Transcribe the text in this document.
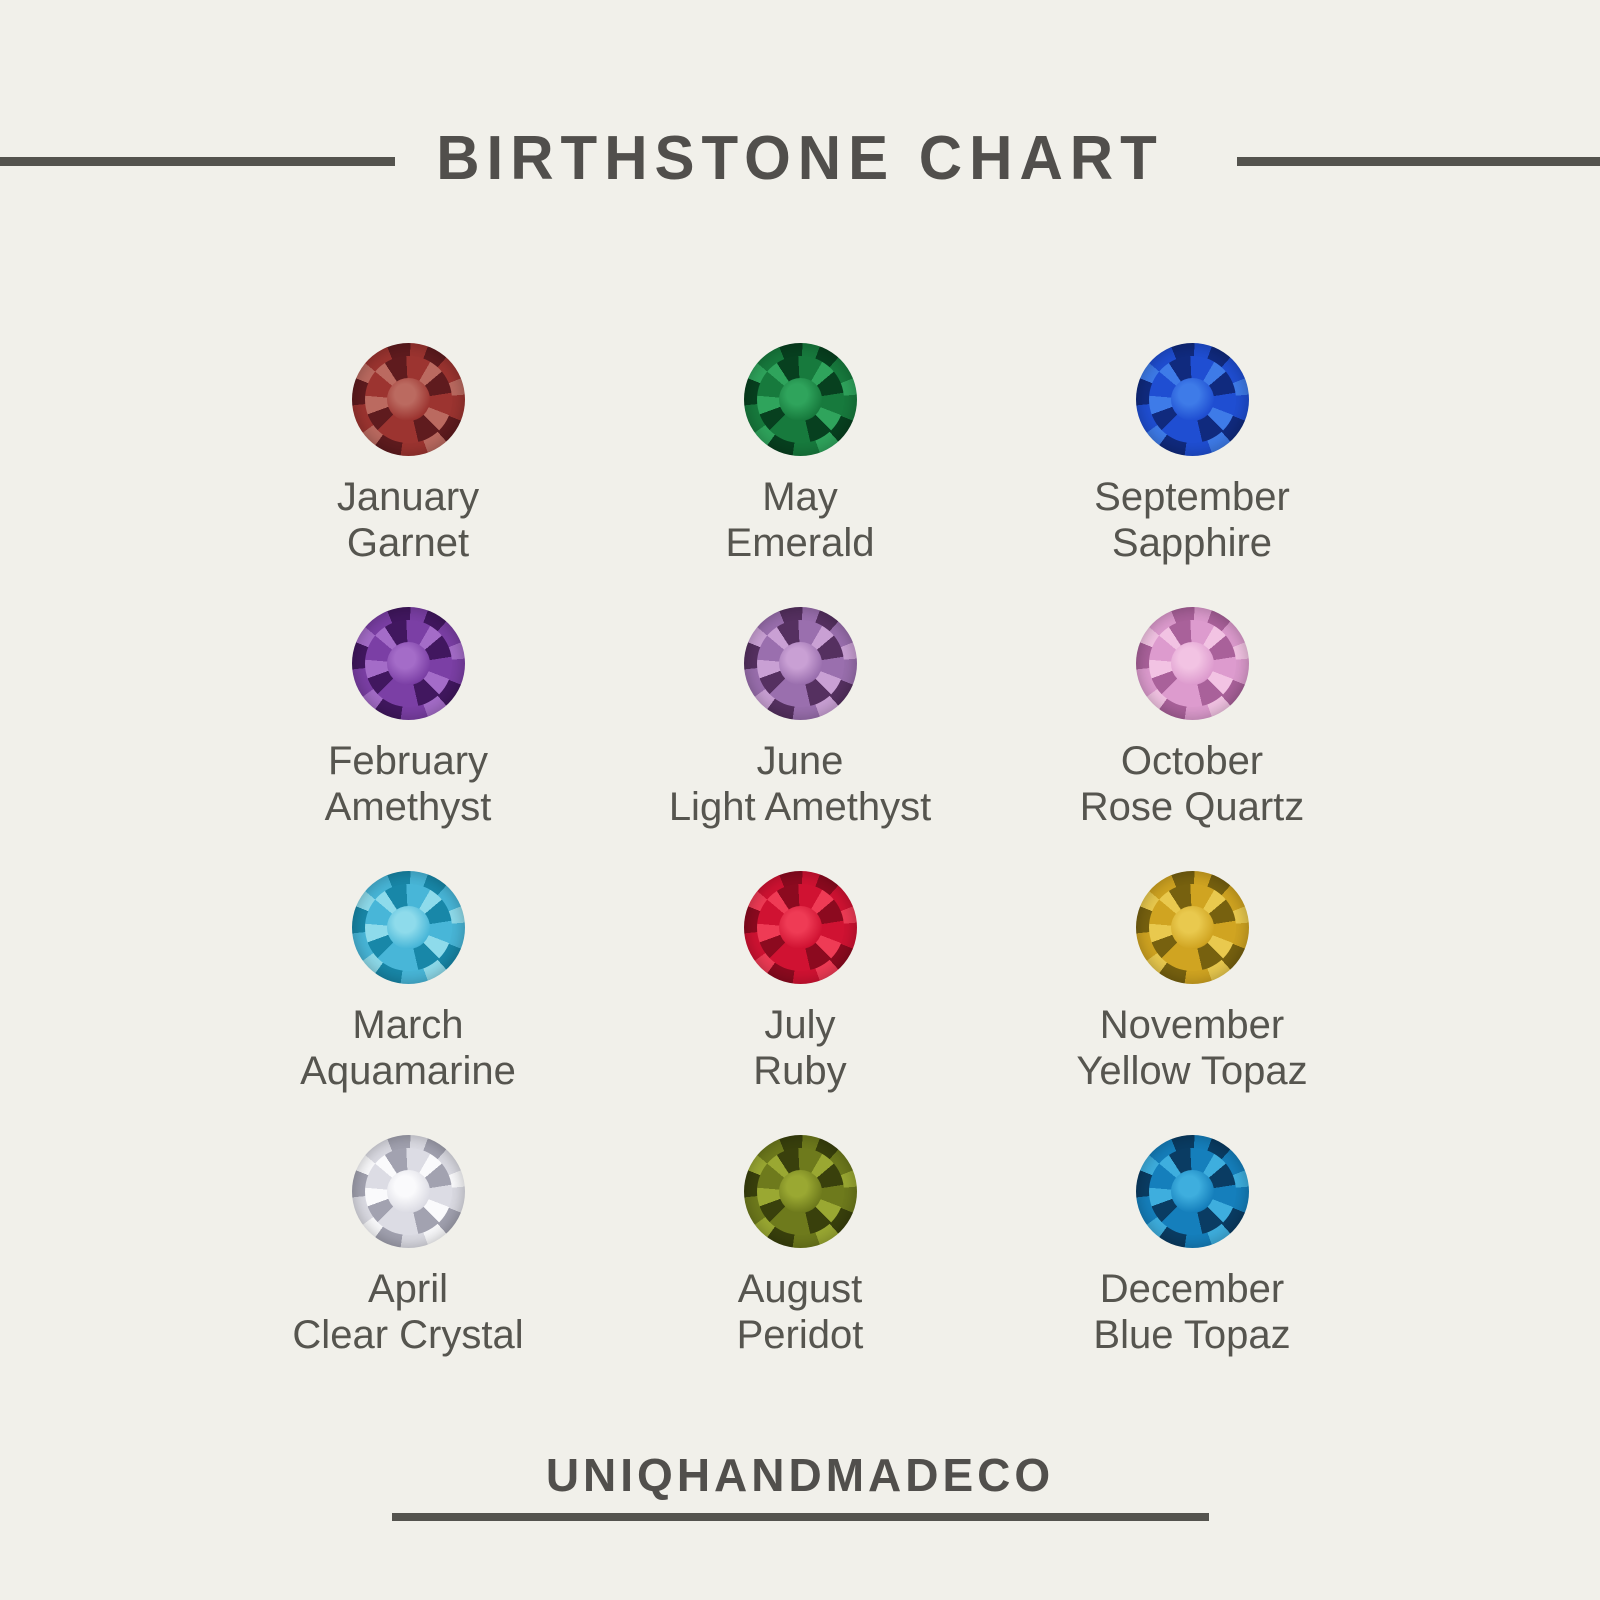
BIRTHSTONE CHART
January
Garnet
May
Emerald
September
Sapphire
February
Amethyst
June
Light Amethyst
October
Rose Quartz
March
Aquamarine
July
Ruby
November
Yellow Topaz
April
Clear Crystal
August
Peridot
December
Blue Topaz
UNIQHANDMADECO
